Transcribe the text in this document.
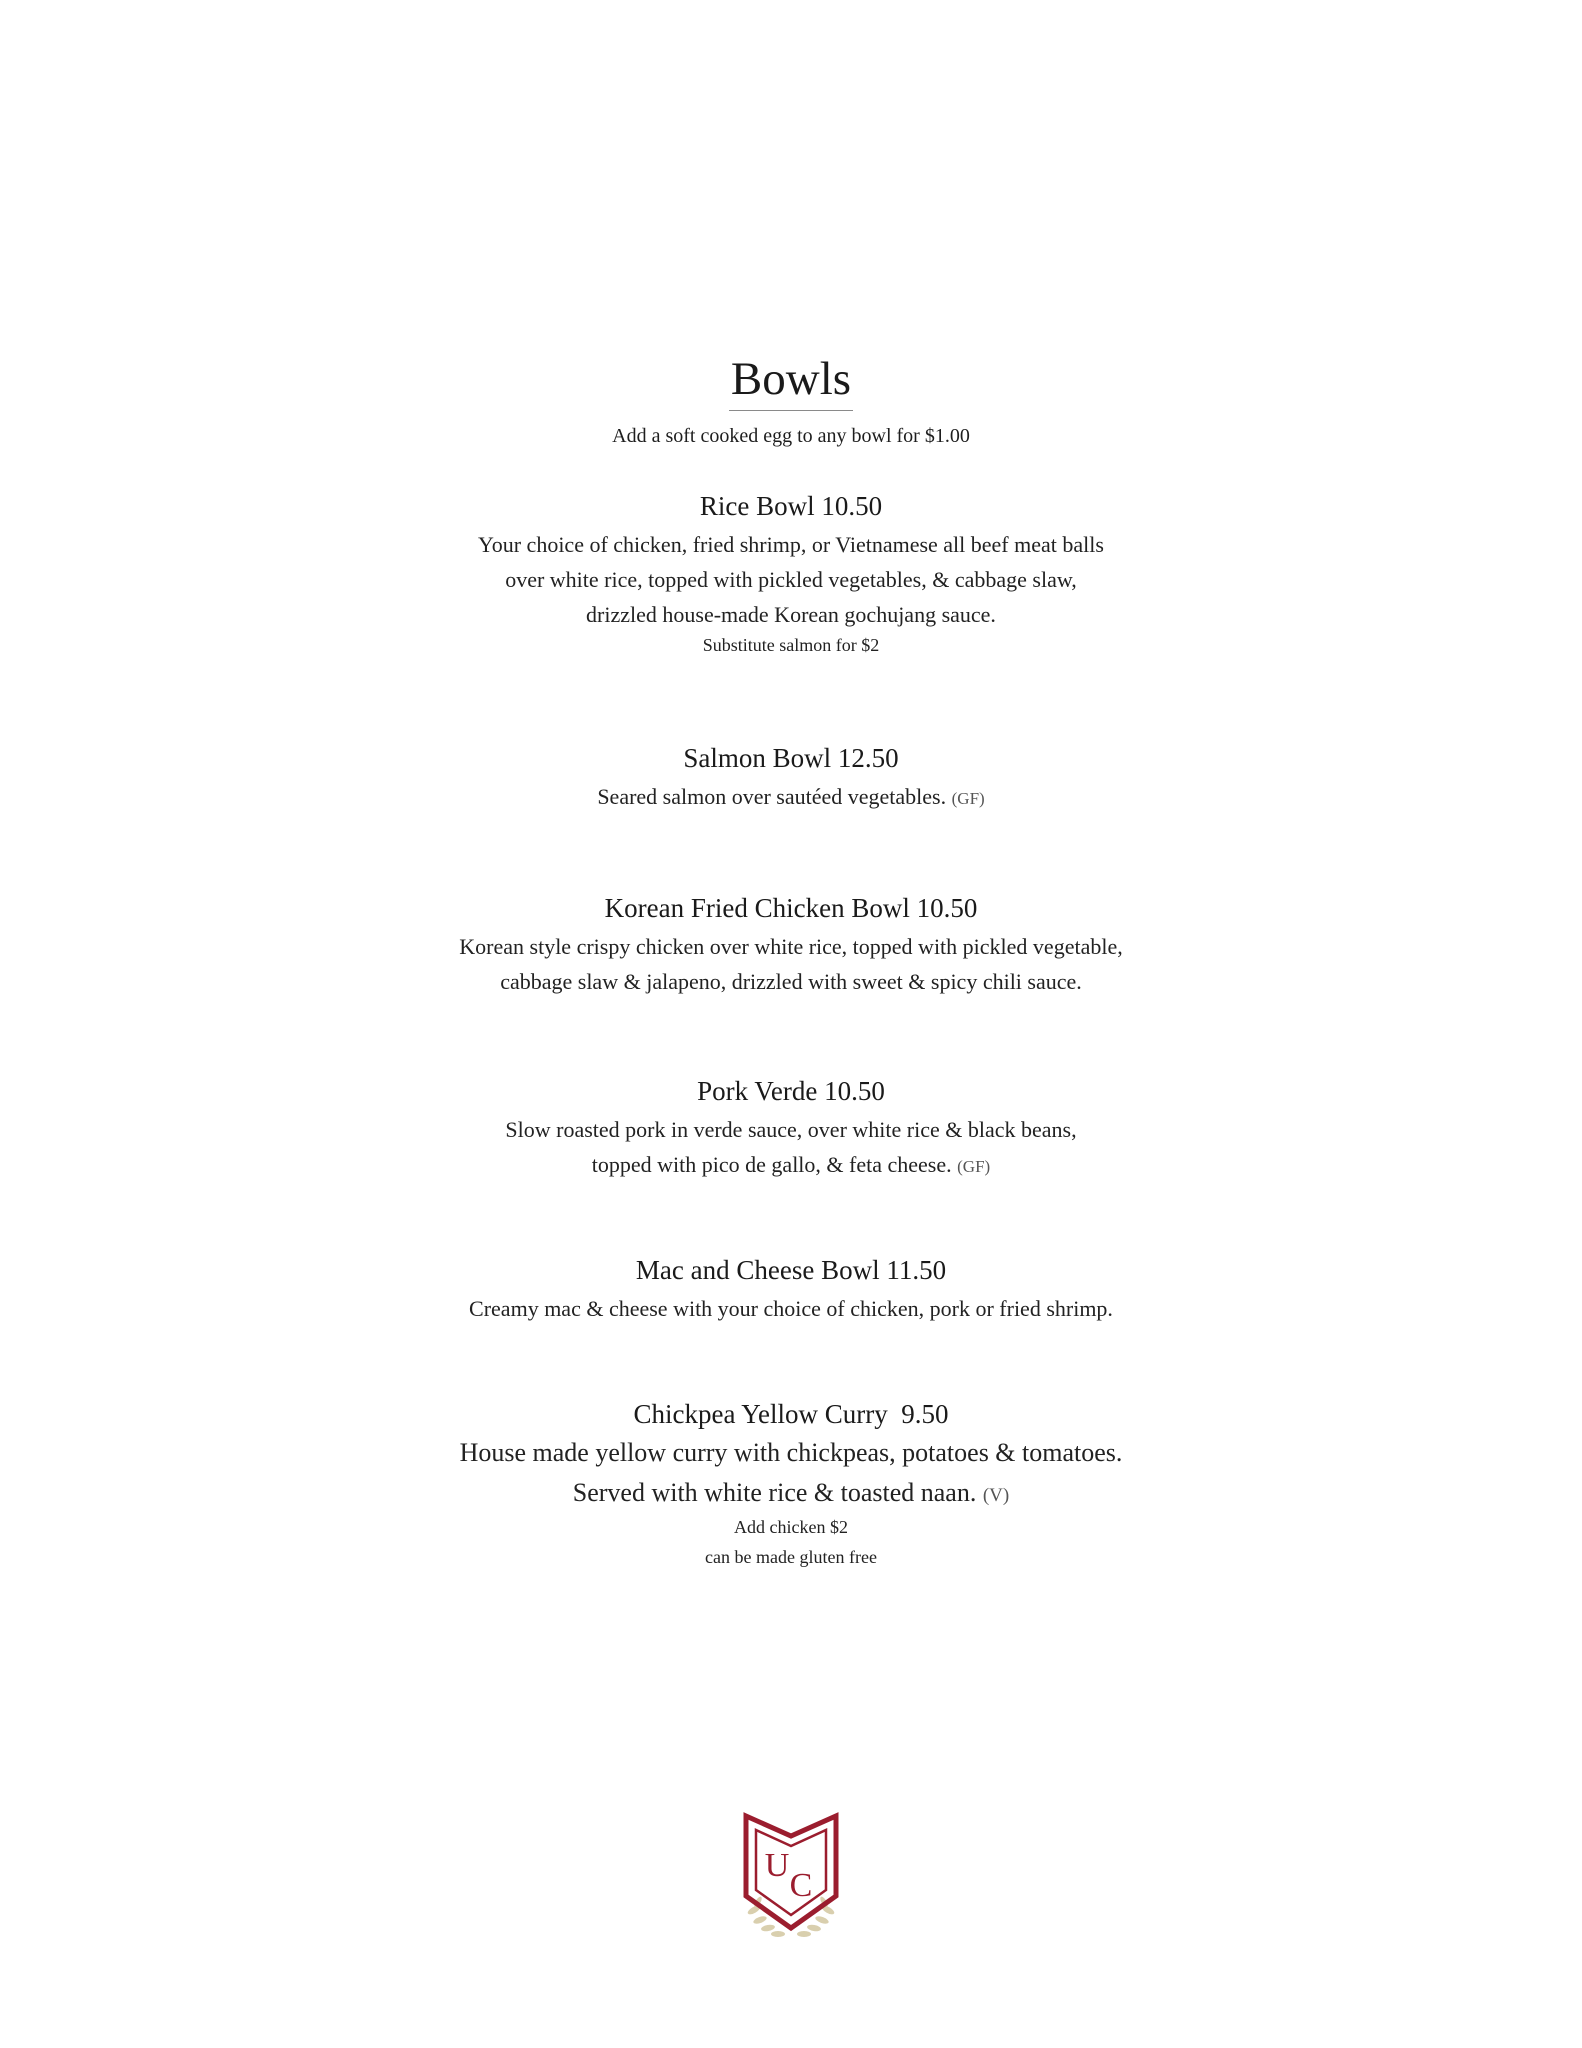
Bowls
Add a soft cooked egg to any bowl for $1.00
Rice Bowl 10.50
Your choice of chicken, fried shrimp, or Vietnamese all beef meat balls
over white rice, topped with pickled vegetables, & cabbage slaw,
drizzled house-made Korean gochujang sauce.
Substitute salmon for $2
Salmon Bowl 12.50
Seared salmon over sautéed vegetables. (GF)
Korean Fried Chicken Bowl 10.50
Korean style crispy chicken over white rice, topped with pickled vegetable,
cabbage slaw & jalapeno, drizzled with sweet & spicy chili sauce.
Pork Verde 10.50
Slow roasted pork in verde sauce, over white rice & black beans,
topped with pico de gallo, & feta cheese. (GF)
Mac and Cheese Bowl 11.50
Creamy mac & cheese with your choice of chicken, pork or fried shrimp.
Chickpea Yellow Curry  9.50
House made yellow curry with chickpeas, potatoes & tomatoes.
Served with white rice & toasted naan. (V)
Add chicken $2
can be made gluten free
UC
